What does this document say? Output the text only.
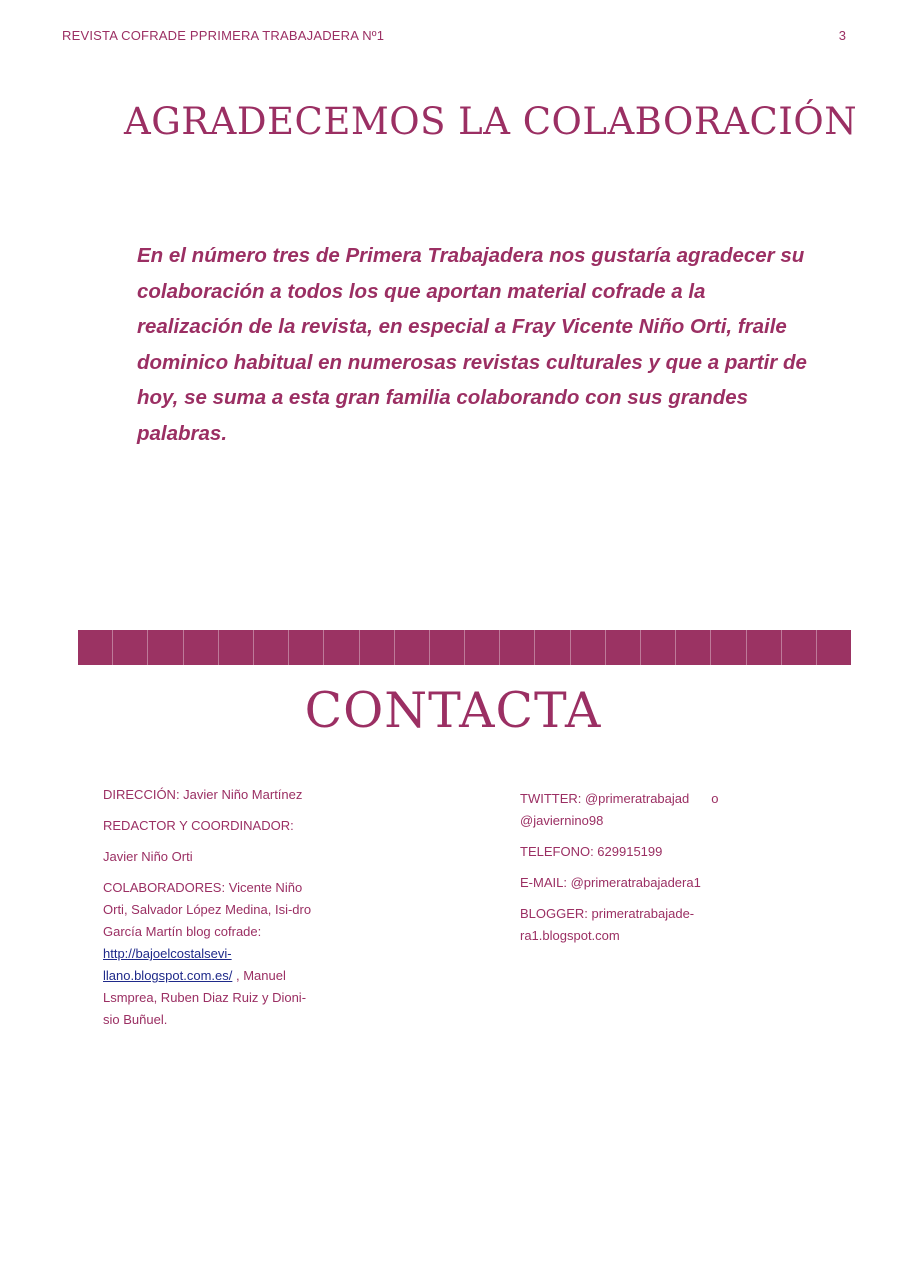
REVISTA COFRADE PPRIMERA TRABAJADERA Nº1	3
AGRADECEMOS LA COLABORACIÓN

En el número tres de Primera Trabajadera nos gustaría agradecer su colaboración a todos los que aportan material cofrade a la realización de la revista, en especial a Fray Vicente Niño Orti, fraile dominico habitual en numerosas revistas culturales y que a partir de hoy, se suma a esta gran familia colaborando con sus grandes palabras.

CONTACTA

DIRECCIÓN: Javier Niño Martínez

REDACTOR Y COORDINADOR:

Javier Niño Orti

COLABORADORES: Vicente Niño Orti, Salvador López Medina, Isi-dro García Martín blog cofrade: http://bajoelcostalsevi-llano.blogspot.com.es/ , Manuel Lsmprea, Ruben Diaz Ruiz y Dioni-sio Buñuel.

TWITTER: @primeratrabajad o
@javiernino98

TELEFONO: 629915199

E-MAIL: @primeratrabajadera1

BLOGGER: primeratrabajade-ra1.blogspot.com
